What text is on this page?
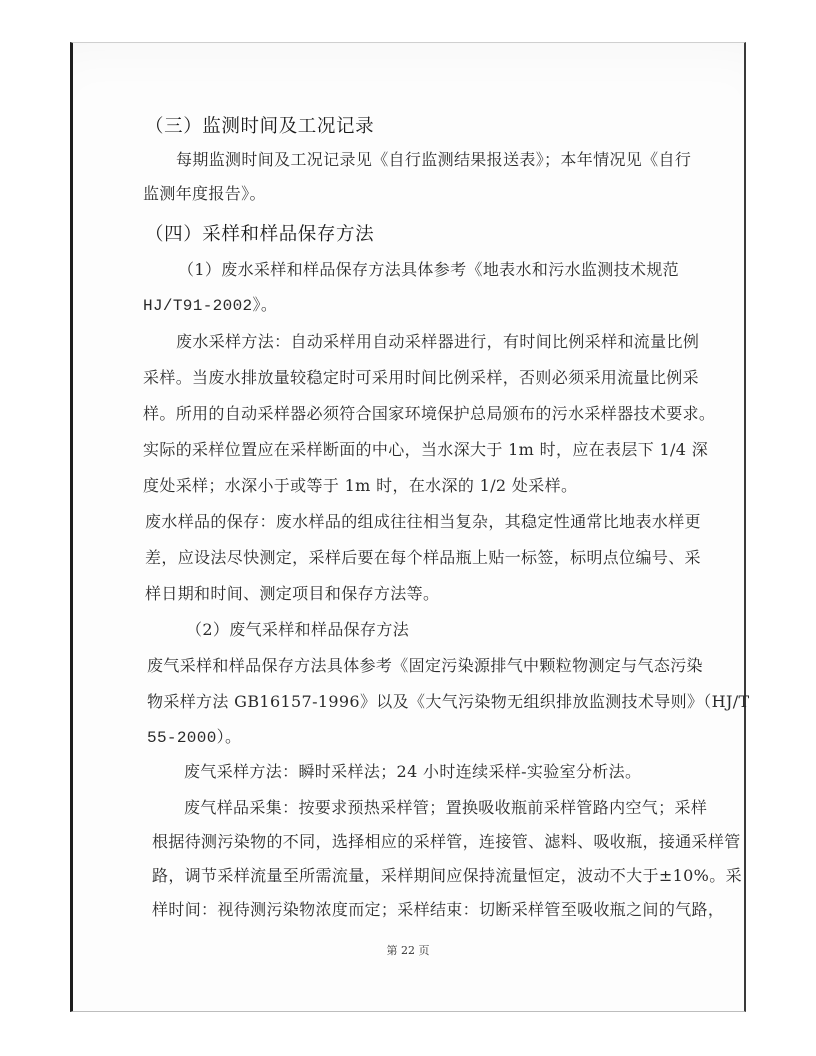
（三）监测时间及工况记录
每期监测时间及工况记录见《自行监测结果报送表》；本年情况见《自行
监测年度报告》。
（四）采样和样品保存方法
（1）废水采样和样品保存方法具体参考《地表水和污水监测技术规范
HJ/T91-2002》。
废水采样方法：自动采样用自动采样器进行，有时间比例采样和流量比例
采样。当废水排放量较稳定时可采用时间比例采样，否则必须采用流量比例采
样。所用的自动采样器必须符合国家环境保护总局颁布的污水采样器技术要求。
实际的采样位置应在采样断面的中心，当水深大于 1m 时，应在表层下 1/4 深
度处采样；水深小于或等于 1m 时，在水深的 1/2 处采样。
废水样品的保存：废水样品的组成往往相当复杂，其稳定性通常比地表水样更
差，应设法尽快测定，采样后要在每个样品瓶上贴一标签，标明点位编号、采
样日期和时间、测定项目和保存方法等。
（2）废气采样和样品保存方法
废气采样和样品保存方法具体参考《固定污染源排气中颗粒物测定与气态污染
物采样方法 GB16157-1996》以及《大气污染物无组织排放监测技术导则》（HJ/T
55-2000）。
废气采样方法：瞬时采样法；24 小时连续采样-实验室分析法。
废气样品采集：按要求预热采样管；置换吸收瓶前采样管路内空气；采样
根据待测污染物的不同，选择相应的采样管，连接管、滤料、吸收瓶，接通采样管
路，调节采样流量至所需流量，采样期间应保持流量恒定，波动不大于±10%。采
样时间：视待测污染物浓度而定；采样结束：切断采样管至吸收瓶之间的气路，
第 22 页
